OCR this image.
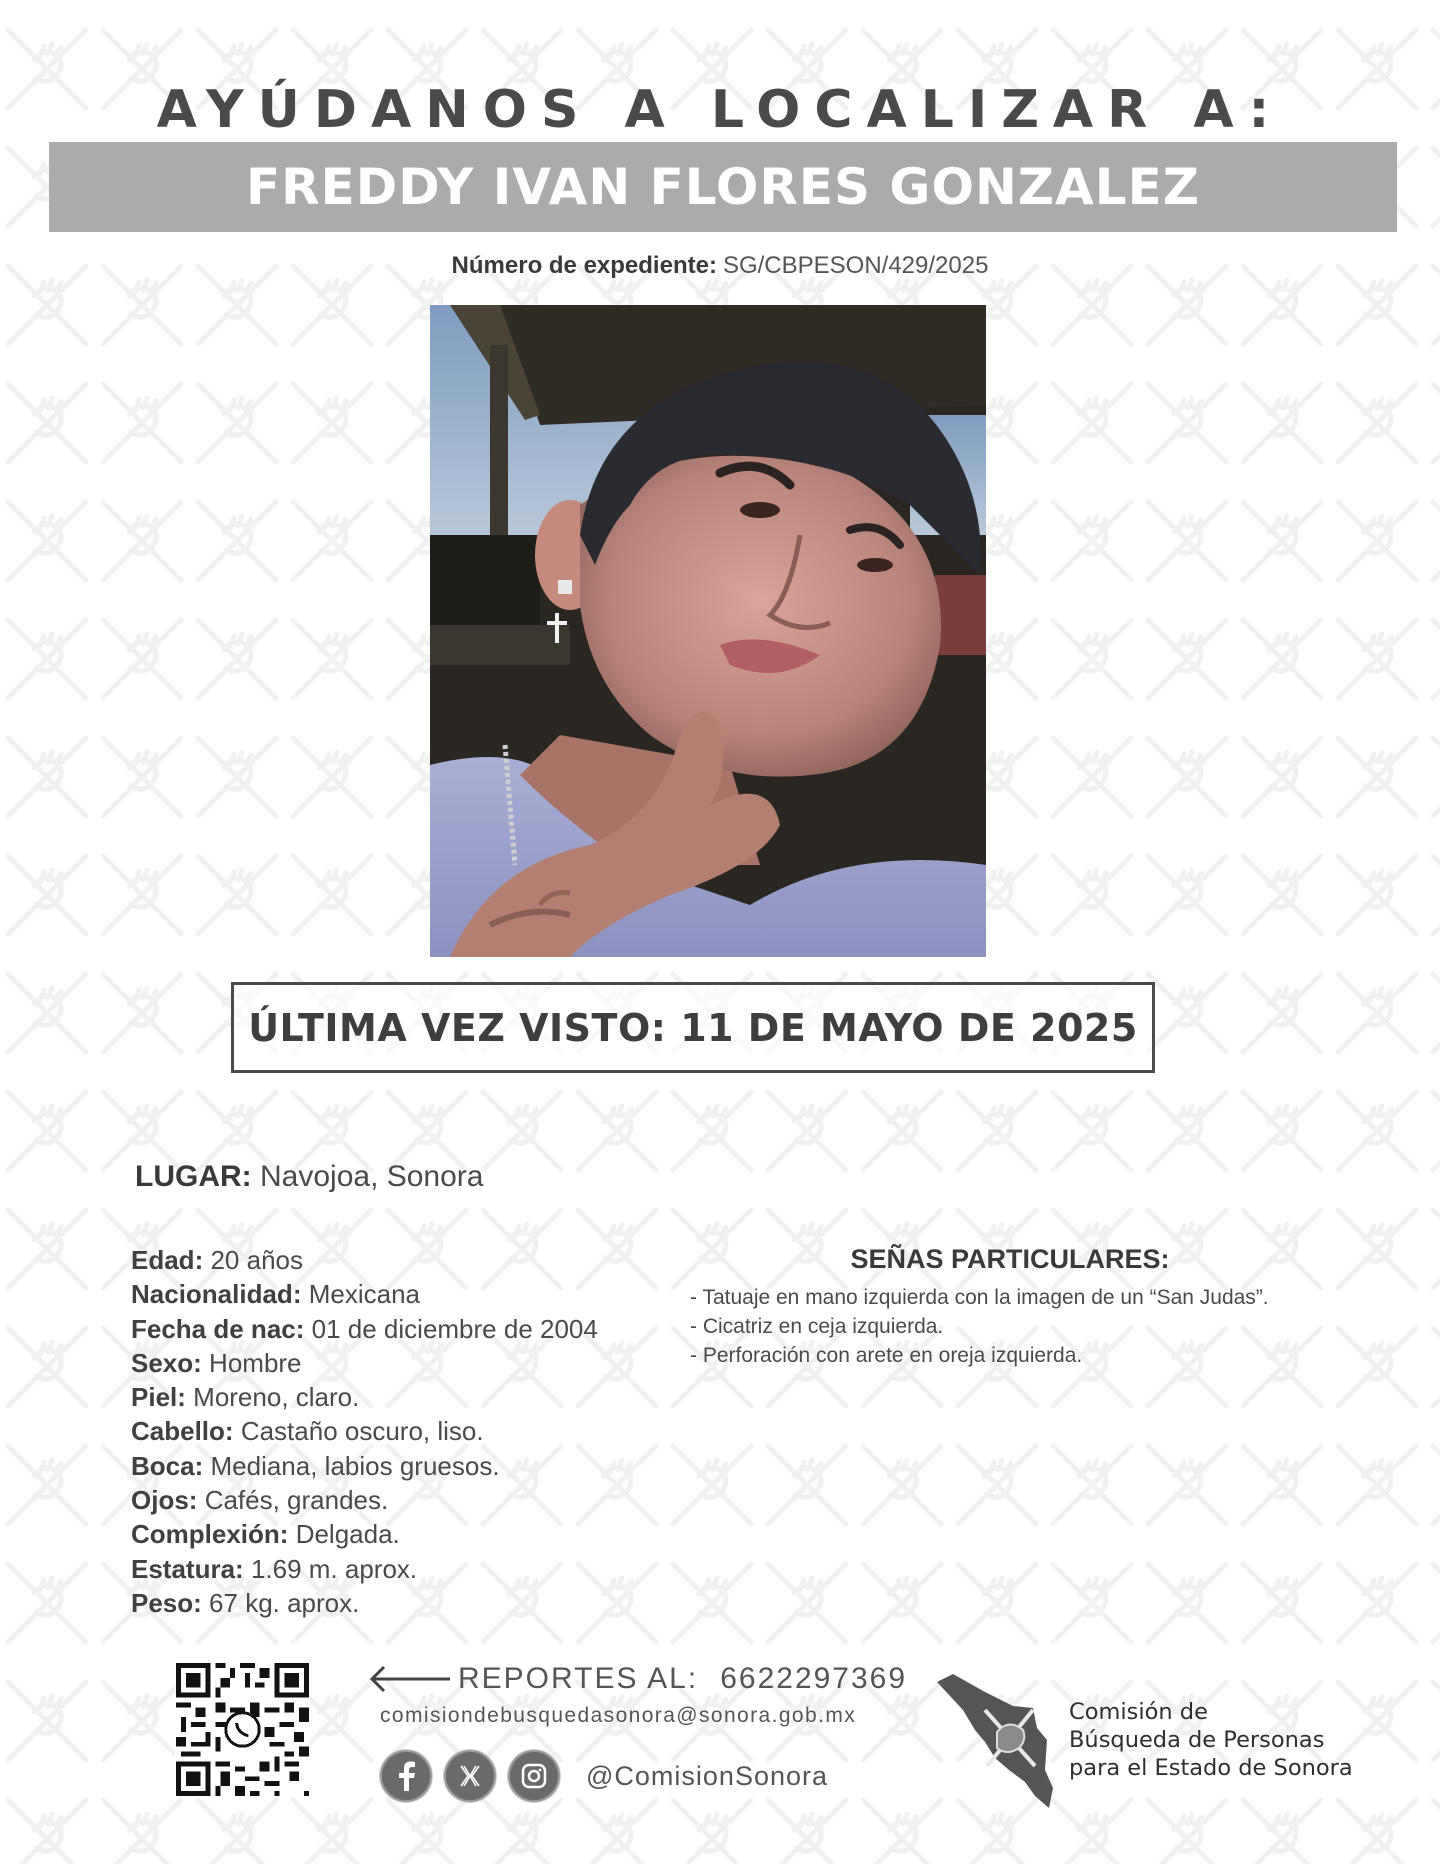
AYÚDANOS A LOCALIZAR A:
FREDDY IVAN FLORES GONZALEZ
Número de expediente: SG/CBPESON/429/2025
ÚLTIMA VEZ VISTO: 11 DE MAYO DE 2025
LUGAR: Navojoa, Sonora
Edad: 20 años
Nacionalidad: Mexicana
Fecha de nac: 01 de diciembre de 2004
Sexo: Hombre
Piel: Moreno, claro.
Cabello: Castaño oscuro, liso.
Boca: Mediana, labios gruesos.
Ojos: Cafés, grandes.
Complexión: Delgada.
Estatura: 1.69 m. aprox.
Peso: 67 kg. aprox.
SEÑAS PARTICULARES:
- Tatuaje en mano izquierda con la imagen de un “San Judas”.
- Cicatriz en ceja izquierda.
- Perforación con arete en oreja izquierda.
REPORTES AL: 6622297369
comisiondebusquedasonora@sonora.gob.mx
@ComisionSonora
Comisión de
Búsqueda de Personas
para el Estado de Sonora
